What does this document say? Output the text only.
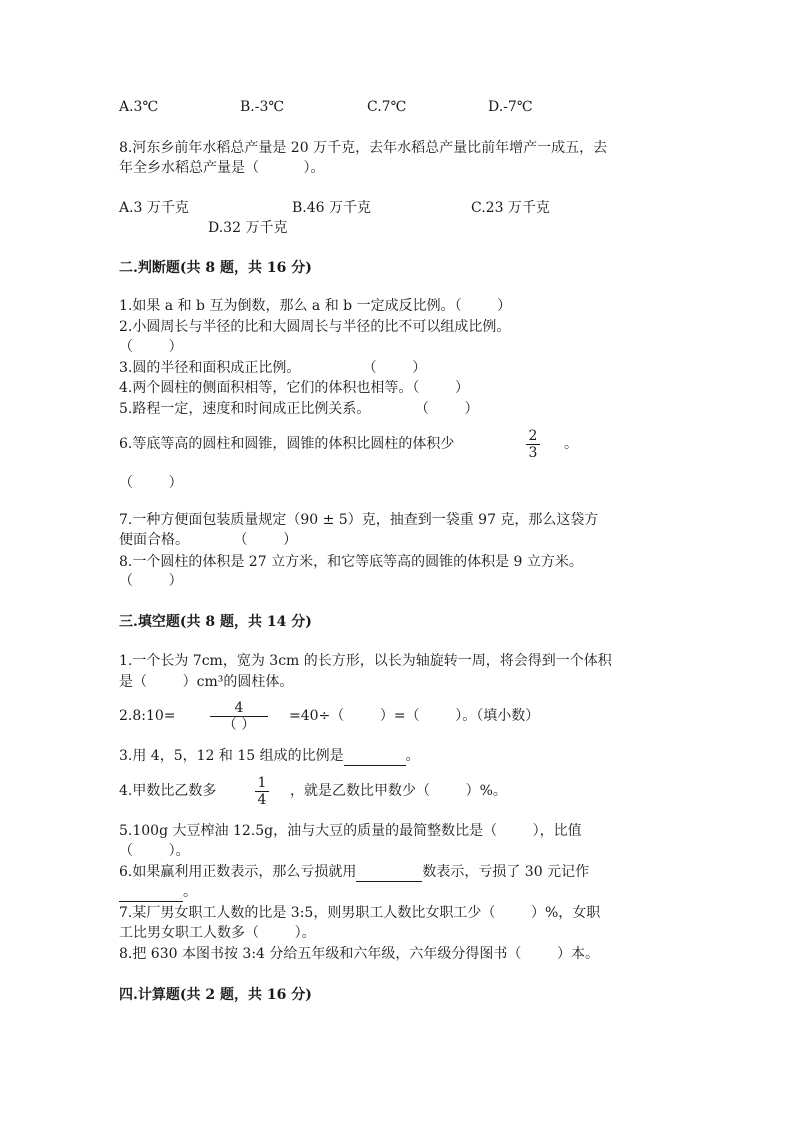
A.3℃	B.-3℃	C.7℃	D.-7℃
8.河东乡前年水稻总产量是 20 万千克，去年水稻总产量比前年增产一成五，去
年全乡水稻总产量是（          ）。
A.3 万千克	B.46 万千克	C.23 万千克
D.32 万千克
二.判断题(共 8 题，共 16 分)
1.如果 a 和 b 互为倒数，那么 a 和 b 一定成反比例。（        ）
2.小圆周长与半径的比和大圆周长与半径的比不可以组成比例。
（        ）
3.圆的半径和面积成正比例。              （        ）
4.两个圆柱的侧面积相等，它们的体积也相等。（        ）
5.路程一定，速度和时间成正比例关系。          （        ）
6.等底等高的圆柱和圆锥，圆锥的体积比圆柱的体积少	2
3
。
（        ）
7.一种方便面包装质量规定（90 ± 5）克，抽查到一袋重 97 克，那么这袋方
便面合格。          （        ）
8.一个圆柱的体积是 27 立方米，和它等底等高的圆锥的体积是 9 立方米。
（        ）
三.填空题(共 8 题，共 14 分)
1.一个长为 7cm，宽为 3cm 的长方形，以长为轴旋转一周，将会得到一个体积
是（        ）cm³的圆柱体。
2.8:10=	4
（ ）
=40÷（        ）=（        ）。（填小数）
3.用 4，5，12 和 15 组成的比例是	。
4.甲数比乙数多	1
4
，就是乙数比甲数少（        ）%。
5.100g 大豆榨油 12.5g，油与大豆的质量的最简整数比是（        ），比值
（        ）。
6.如果赢利用正数表示，那么亏损就用	数表示，亏损了 30 元记作
。
7.某厂男女职工人数的比是 3:5，则男职工人数比女职工少（        ）%，女职
工比男女职工人数多（        ）。
8.把 630 本图书按 3:4 分给五年级和六年级，六年级分得图书（        ）本。
四.计算题(共 2 题，共 16 分)
